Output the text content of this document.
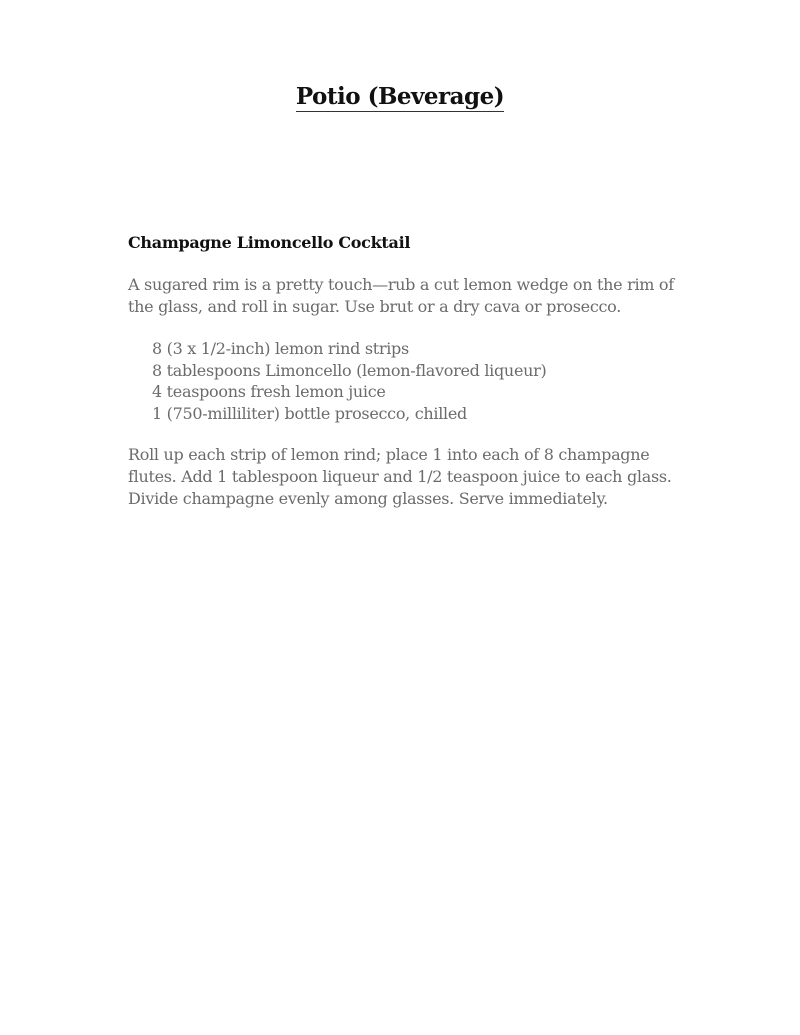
Potio (Beverage)
Champagne Limoncello Cocktail

A sugared rim is a pretty touch—rub a cut lemon wedge on the rim of the glass, and roll in sugar. Use brut or a dry cava or prosecco.

8 (3 x 1/2-inch) lemon rind strips
8 tablespoons Limoncello (lemon-flavored liqueur)
4 teaspoons fresh lemon juice
1 (750-milliliter) bottle prosecco, chilled

Roll up each strip of lemon rind; place 1 into each of 8 champagne flutes. Add 1 tablespoon liqueur and 1/2 teaspoon juice to each glass. Divide champagne evenly among glasses. Serve immediately.
